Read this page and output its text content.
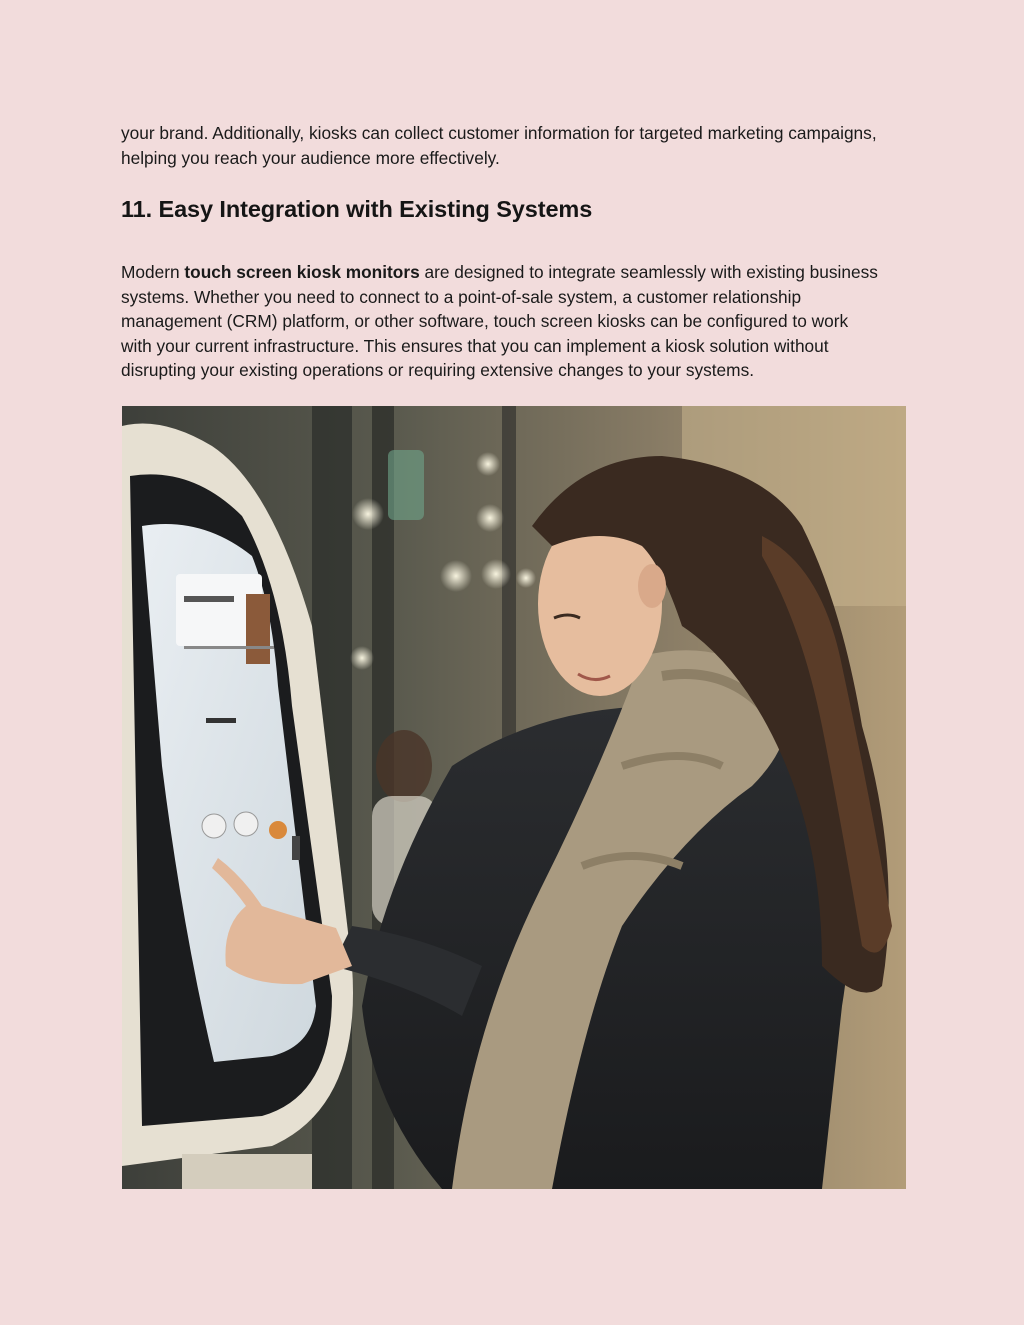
your brand. Additionally, kiosks can collect customer information for targeted marketing campaigns, helping you reach your audience more effectively.

11. Easy Integration with Existing Systems

Modern touch screen kiosk monitors are designed to integrate seamlessly with existing business systems. Whether you need to connect to a point-of-sale system, a customer relationship management (CRM) platform, or other software, touch screen kiosks can be configured to work with your current infrastructure. This ensures that you can implement a kiosk solution without disrupting your existing operations or requiring extensive changes to your systems.
